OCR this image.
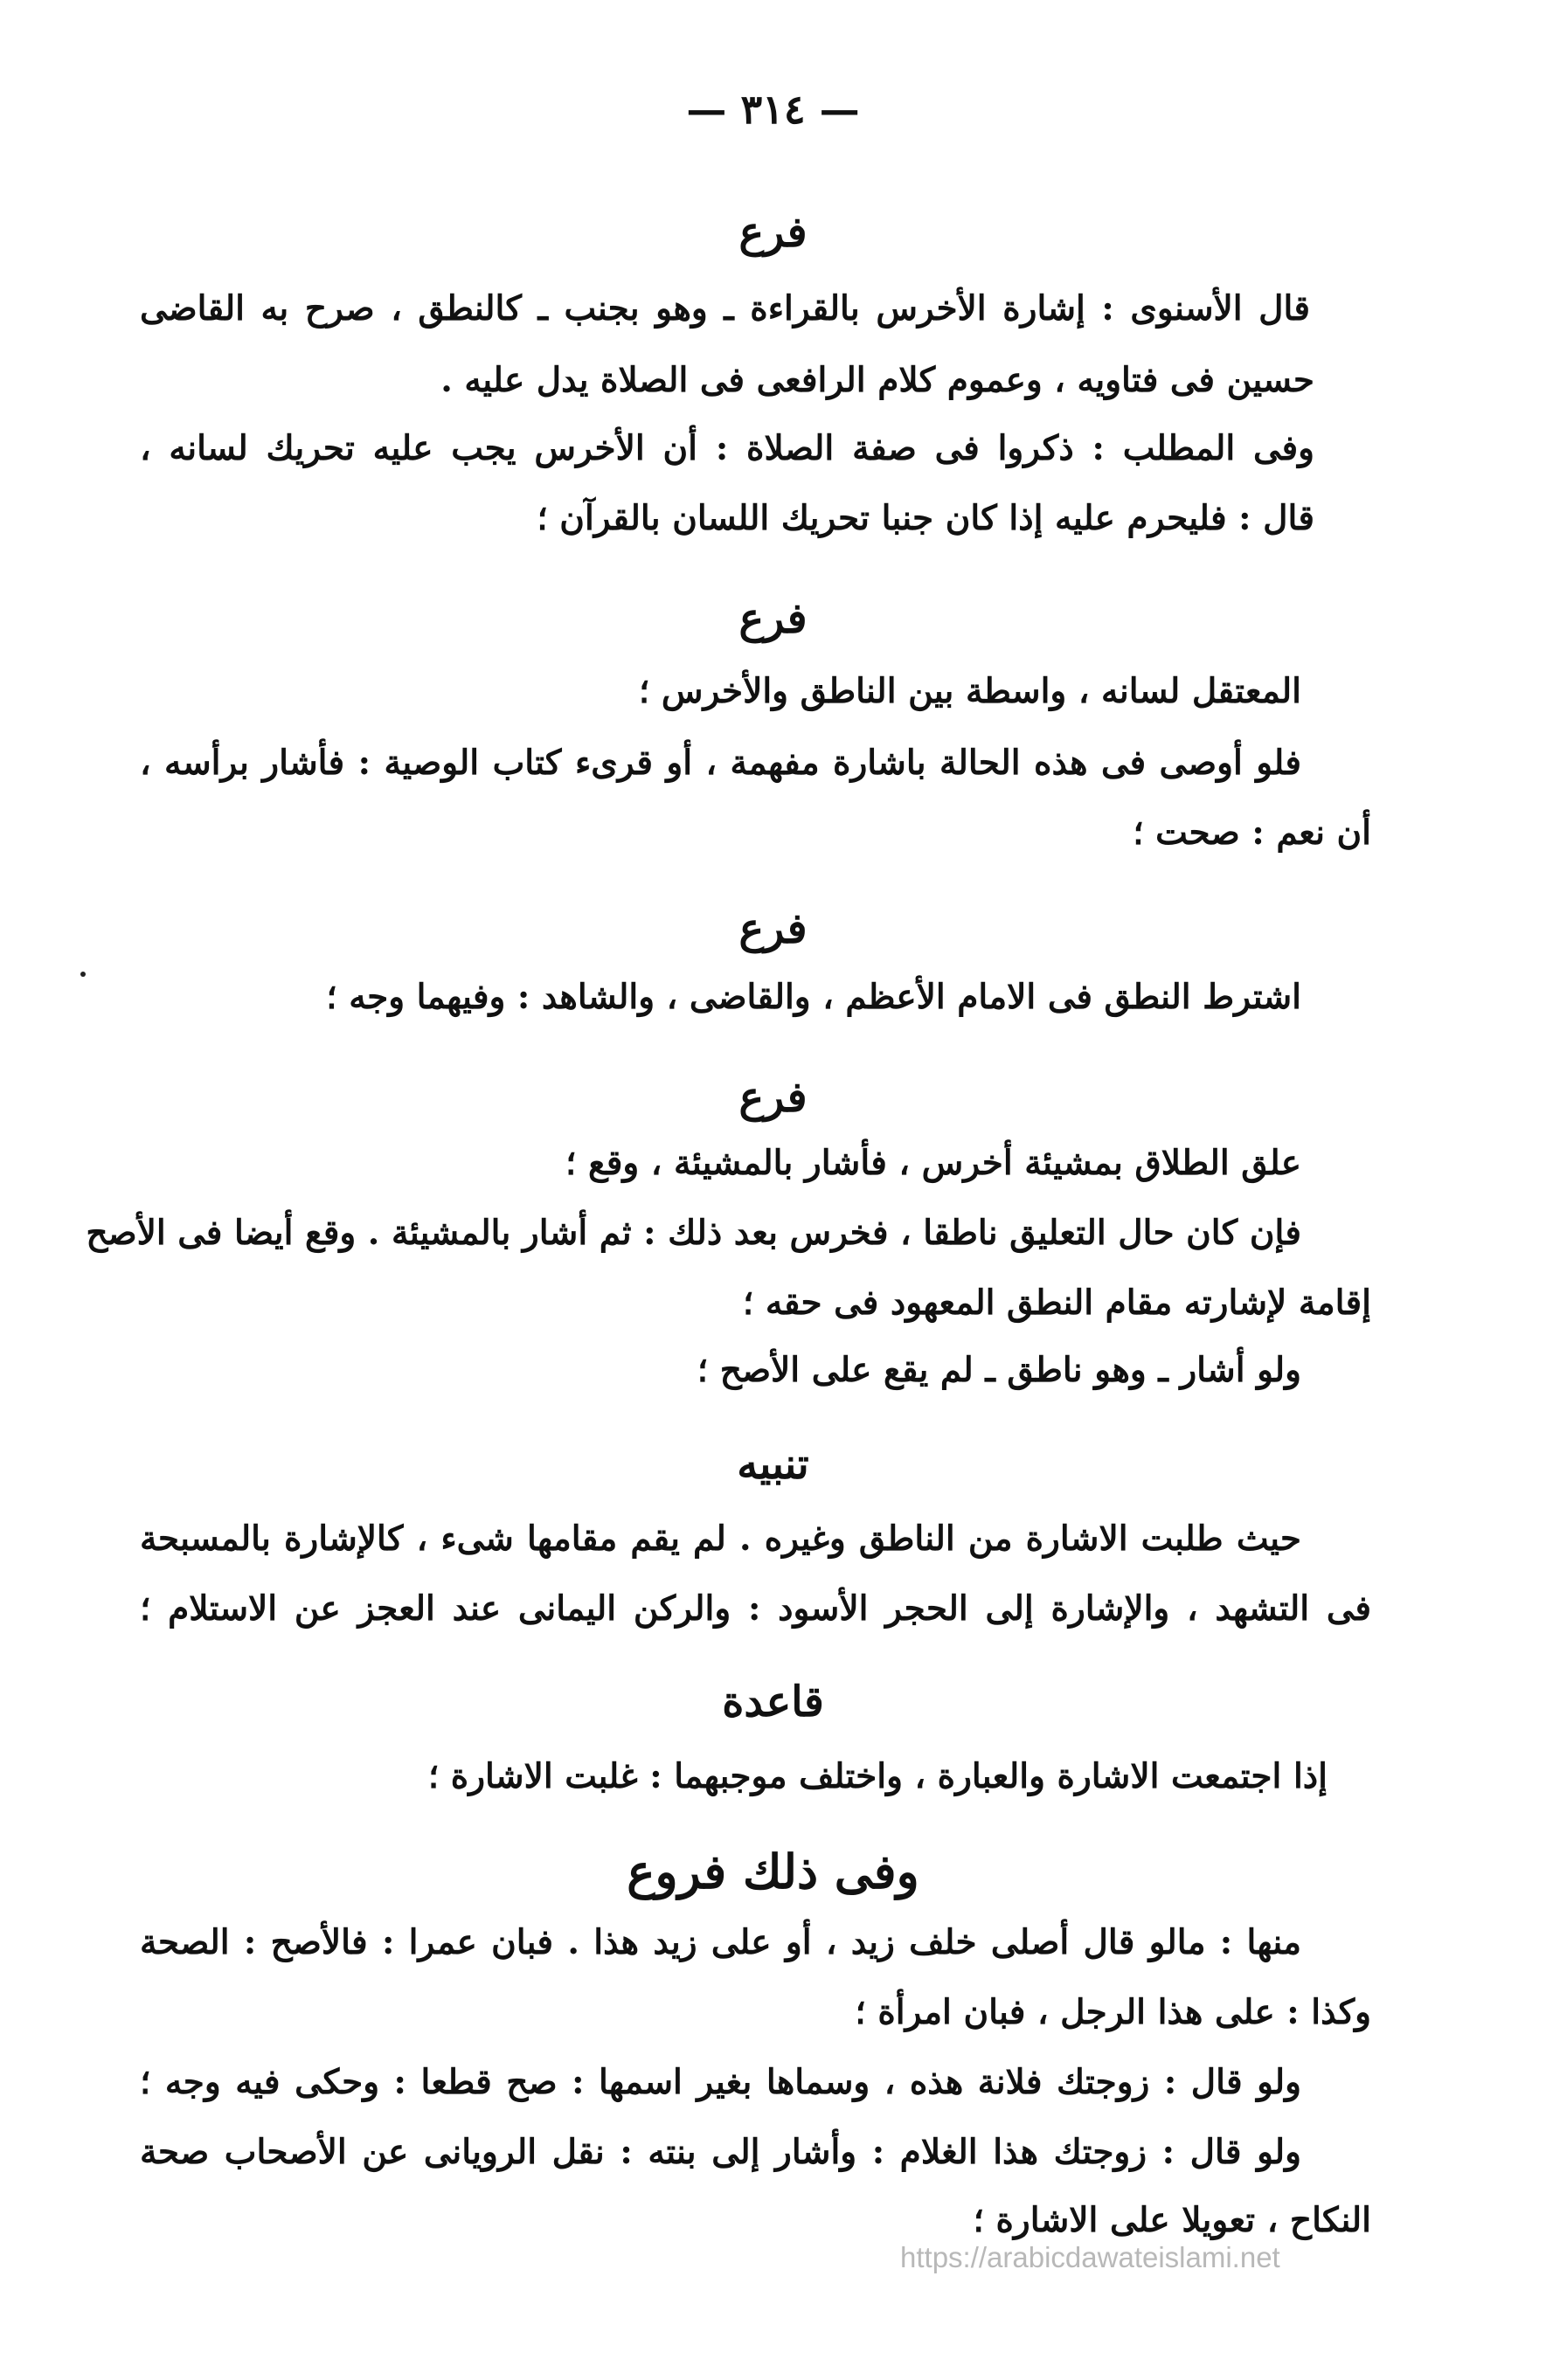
— ٣١٤ —
فرع
قال الأسنوى : إشارة الأخرس بالقراءة ـ وهو بجنب ـ كالنطق ، صرح به القاضى
حسين فى فتاويه ، وعموم كلام الرافعى فى الصلاة يدل عليه .
وفى المطلب : ذكروا فى صفة الصلاة : أن الأخرس يجب عليه تحريك لسانه ،
قال : فليحرم عليه إذا كان جنبا تحريك اللسان بالقرآن ؛
فرع
المعتقل لسانه ، واسطة بين الناطق والأخرس ؛
فلو أوصى فى هذه الحالة باشارة مفهمة ، أو قرىء كتاب الوصية : فأشار برأسه ،
أن نعم : صحت ؛
فرع
اشترط النطق فى الامام الأعظم ، والقاضى ، والشاهد : وفيهما وجه ؛
فرع
علق الطلاق بمشيئة أخرس ، فأشار بالمشيئة ، وقع ؛
فإن كان حال التعليق ناطقا ، فخرس بعد ذلك : ثم أشار بالمشيئة . وقع أيضا فى الأصح
إقامة لإشارته مقام النطق المعهود فى حقه ؛
ولو أشار ـ وهو ناطق ـ لم يقع على الأصح ؛
تنبيه
حيث طلبت الاشارة من الناطق وغيره . لم يقم مقامها شىء ، كالإشارة بالمسبحة
فى التشهد ، والإشارة إلى الحجر الأسود : والركن اليمانى عند العجز عن الاستلام ؛
قاعدة
إذا اجتمعت الاشارة والعبارة ، واختلف موجبهما : غلبت الاشارة ؛
وفى ذلك فروع
منها : مالو قال أصلى خلف زيد ، أو على زيد هذا . فبان عمرا : فالأصح : الصحة
وكذا : على هذا الرجل ، فبان امرأة ؛
ولو قال : زوجتك فلانة هذه ، وسماها بغير اسمها : صح قطعا : وحكى فيه وجه ؛
ولو قال : زوجتك هذا الغلام : وأشار إلى بنته : نقل الرويانى عن الأصحاب صحة
النكاح ، تعويلا على الاشارة ؛
https://arabicdawateislami.net
